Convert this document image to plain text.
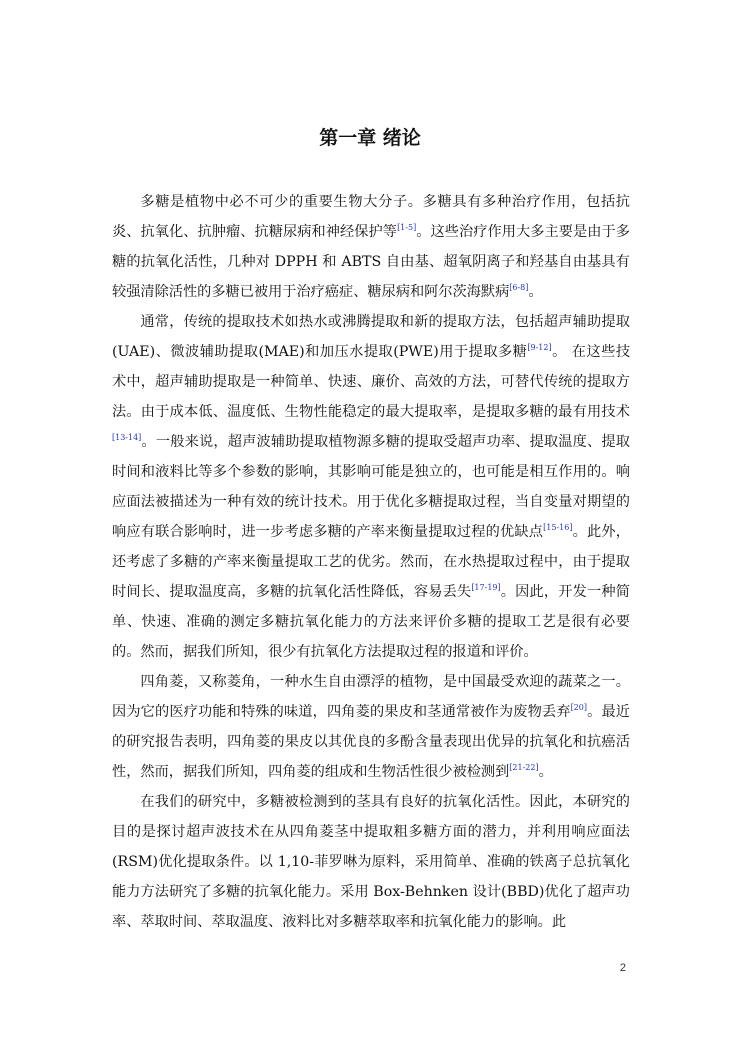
第一章 绪论

多糖是植物中必不可少的重要生物大分子。多糖具有多种治疗作用，包括抗炎、抗氧化、抗肿瘤、抗糖尿病和神经保护等[1-5]。这些治疗作用大多主要是由于多糖的抗氧化活性，几种对 DPPH 和 ABTS 自由基、超氧阴离子和羟基自由基具有较强清除活性的多糖已被用于治疗癌症、糖尿病和阿尔茨海默病[6-8]。

通常，传统的提取技术如热水或沸腾提取和新的提取方法，包括超声辅助提取(UAE)、微波辅助提取(MAE)和加压水提取(PWE)用于提取多糖[9-12]。 在这些技术中，超声辅助提取是一种简单、快速、廉价、高效的方法，可替代传统的提取方法。由于成本低、温度低、生物性能稳定的最大提取率，是提取多糖的最有用技术[13-14]。一般来说，超声波辅助提取植物源多糖的提取受超声功率、提取温度、提取时间和液料比等多个参数的影响，其影响可能是独立的，也可能是相互作用的。响应面法被描述为一种有效的统计技术。用于优化多糖提取过程，当自变量对期望的响应有联合影响时，进一步考虑多糖的产率来衡量提取过程的优缺点[15-16]。此外，还考虑了多糖的产率来衡量提取工艺的优劣。然而，在水热提取过程中，由于提取时间长、提取温度高，多糖的抗氧化活性降低，容易丢失[17-19]。因此，开发一种简单、快速、准确的测定多糖抗氧化能力的方法来评价多糖的提取工艺是很有必要的。然而，据我们所知，很少有抗氧化方法提取过程的报道和评价。

四角菱，又称菱角，一种水生自由漂浮的植物，是中国最受欢迎的蔬菜之一。因为它的医疗功能和特殊的味道，四角菱的果皮和茎通常被作为废物丢弃[20]。最近的研究报告表明，四角菱的果皮以其优良的多酚含量表现出优异的抗氧化和抗癌活性，然而，据我们所知，四角菱的组成和生物活性很少被检测到[21-22]。

在我们的研究中，多糖被检测到的茎具有良好的抗氧化活性。因此，本研究的目的是探讨超声波技术在从四角菱茎中提取粗多糖方面的潜力，并利用响应面法(RSM)优化提取条件。以 1,10-菲罗啉为原料，采用简单、准确的铁离子总抗氧化能力方法研究了多糖的抗氧化能力。采用 Box-Behnken 设计(BBD)优化了超声功率、萃取时间、萃取温度、液料比对多糖萃取率和抗氧化能力的影响。此

2
